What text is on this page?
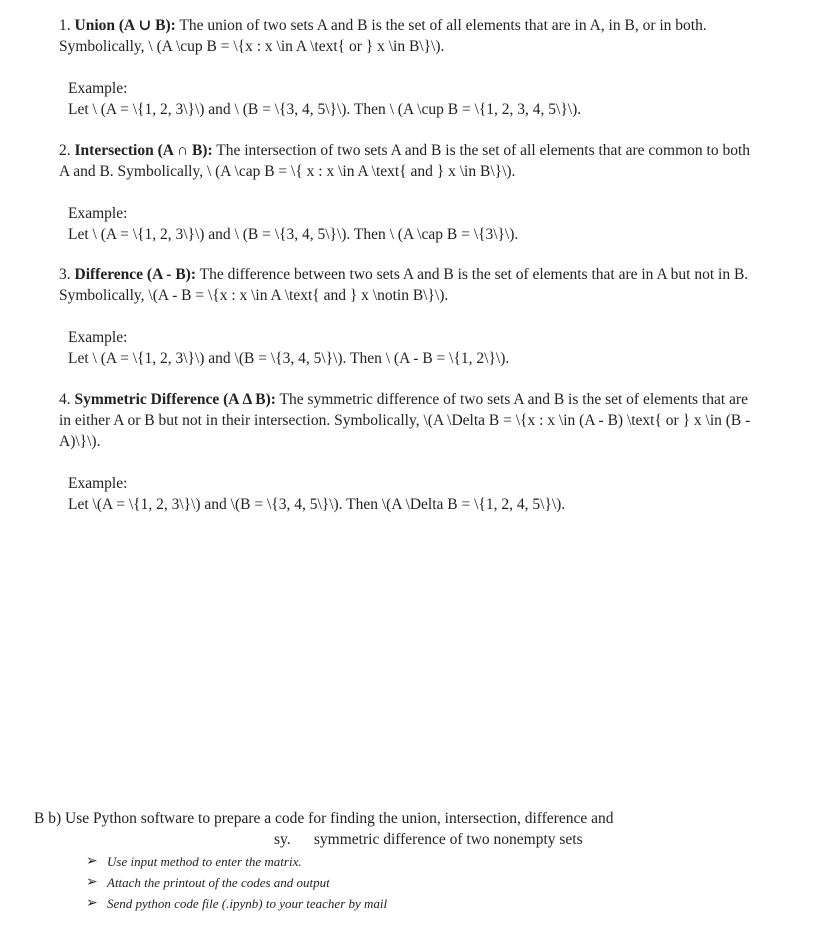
1. Union (A ∪ B): The union of two sets A and B is the set of all elements that are in A, in B, or in both. Symbolically, \ (A \cup B = \{x : x \in A \text{ or } x \in B\}\).

Example:

Let \ (A = \{1, 2, 3\}\) and \ (B = \{3, 4, 5\}\). Then \ (A \cup B = \{1, 2, 3, 4, 5\}\).

2. Intersection (A ∩ B): The intersection of two sets A and B is the set of all elements that are common to both A and B. Symbolically, \ (A \cap B = \{ x : x \in A \text{ and } x \in B\}\).

Example:

Let \ (A = \{1, 2, 3\}\) and \ (B = \{3, 4, 5\}\). Then \ (A \cap B = \{3\}\).

3. Difference (A - B): The difference between two sets A and B is the set of elements that are in A but not in B. Symbolically, \(A - B = \{x : x \in A \text{ and } x \notin B\}\).

Example:

Let \ (A = \{1, 2, 3\}\) and \(B = \{3, 4, 5\}\). Then \ (A - B = \{1, 2\}\).

4. Symmetric Difference (A Δ B): The symmetric difference of two sets A and B is the set of elements that are in either A or B but not in their intersection. Symbolically, \(A \Delta B = \{x : x \in (A - B) \text{ or } x \in (B - A)\}\).

Example:

Let \(A = \{1, 2, 3\}\) and \(B = \{3, 4, 5\}\). Then \(A \Delta B = \{1, 2, 4, 5\}\).

B b) Use Python software to prepare a code for finding the union, intersection, difference and

sy.      symmetric difference of two nonempty sets

➢ Use input method to enter the matrix.
➢ Attach the printout of the codes and output
➢ Send python code file (.ipynb) to your teacher by mail
